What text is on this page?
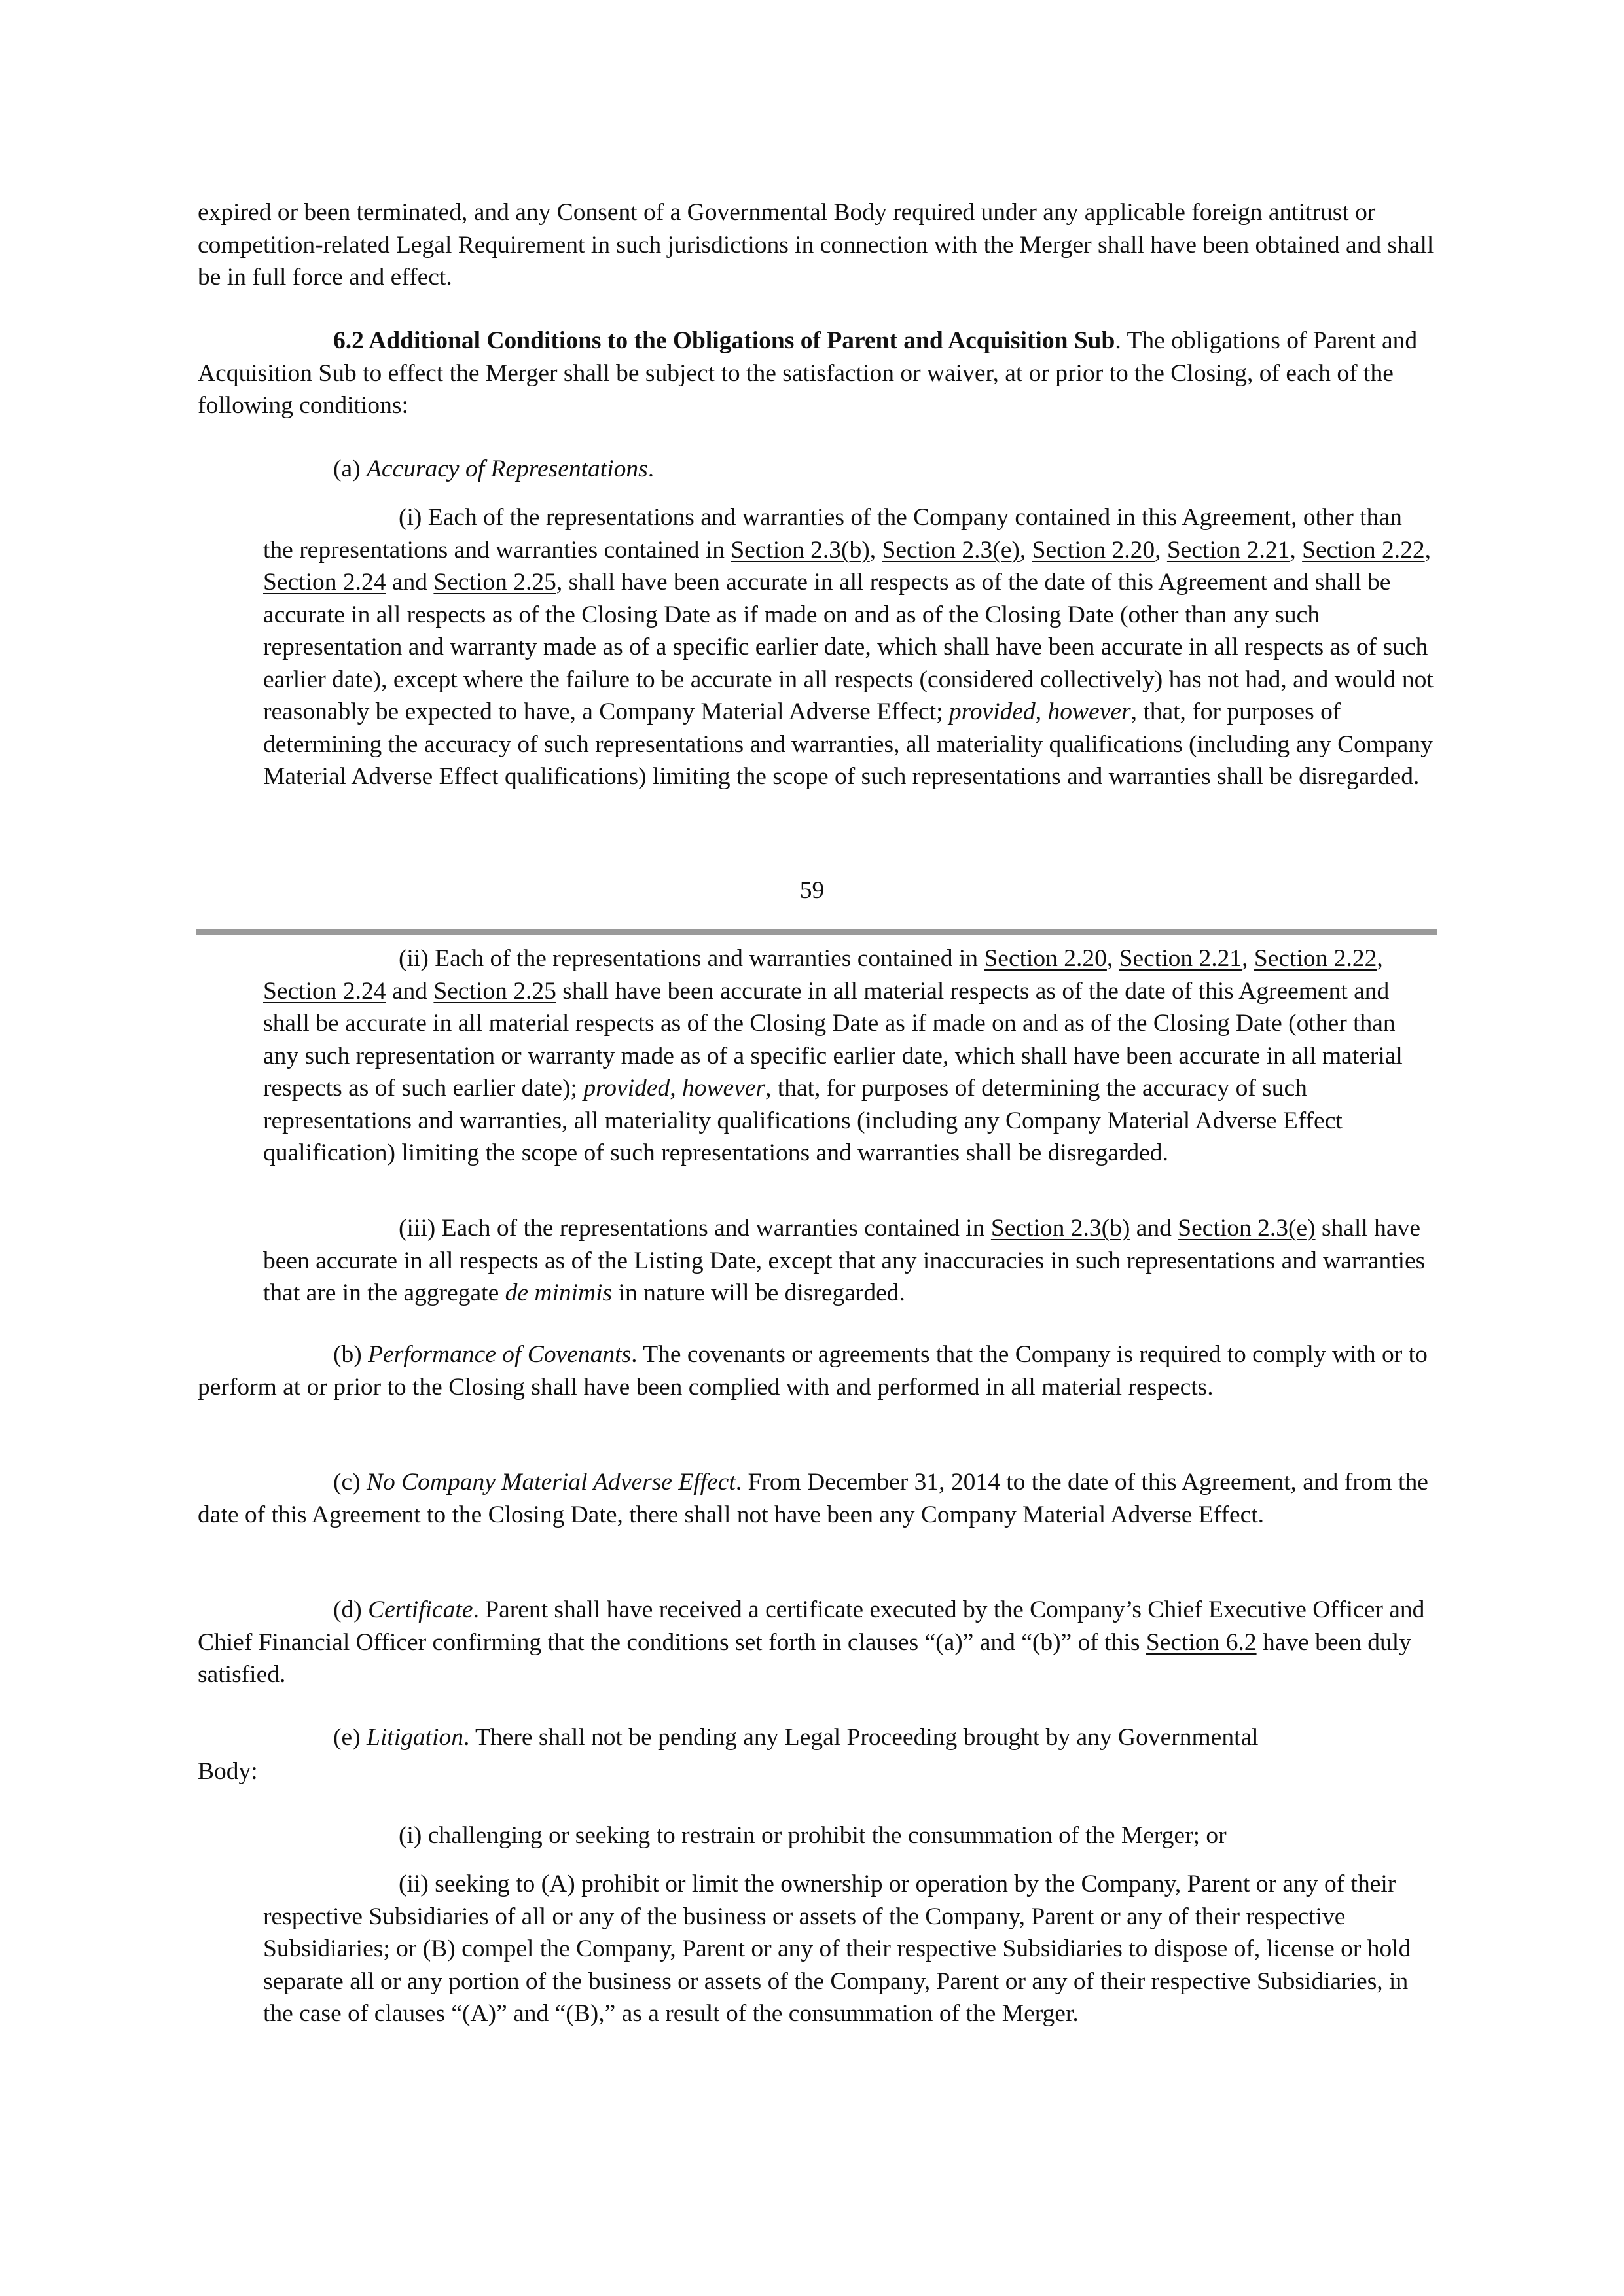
expired or been terminated, and any Consent of a Governmental Body required under any applicable foreign antitrust or competition-related Legal Requirement in such jurisdictions in connection with the Merger shall have been obtained and shall be in full force and effect.

6.2 Additional Conditions to the Obligations of Parent and Acquisition Sub. The obligations of Parent and Acquisition Sub to effect the Merger shall be subject to the satisfaction or waiver, at or prior to the Closing, of each of the following conditions:

(a) Accuracy of Representations.

(i) Each of the representations and warranties of the Company contained in this Agreement, other than the representations and warranties contained in Section 2.3(b), Section 2.3(e), Section 2.20, Section 2.21, Section 2.22, Section 2.24 and Section 2.25, shall have been accurate in all respects as of the date of this Agreement and shall be accurate in all respects as of the Closing Date as if made on and as of the Closing Date (other than any such representation and warranty made as of a specific earlier date, which shall have been accurate in all respects as of such earlier date), except where the failure to be accurate in all respects (considered collectively) has not had, and would not reasonably be expected to have, a Company Material Adverse Effect; provided, however, that, for purposes of determining the accuracy of such representations and warranties, all materiality qualifications (including any Company Material Adverse Effect qualifications) limiting the scope of such representations and warranties shall be disregarded.

59

(ii) Each of the representations and warranties contained in Section 2.20, Section 2.21, Section 2.22, Section 2.24 and Section 2.25 shall have been accurate in all material respects as of the date of this Agreement and shall be accurate in all material respects as of the Closing Date as if made on and as of the Closing Date (other than any such representation or warranty made as of a specific earlier date, which shall have been accurate in all material respects as of such earlier date); provided, however, that, for purposes of determining the accuracy of such representations and warranties, all materiality qualifications (including any Company Material Adverse Effect qualification) limiting the scope of such representations and warranties shall be disregarded.

(iii) Each of the representations and warranties contained in Section 2.3(b) and Section 2.3(e) shall have been accurate in all respects as of the Listing Date, except that any inaccuracies in such representations and warranties that are in the aggregate de minimis in nature will be disregarded.

(b) Performance of Covenants. The covenants or agreements that the Company is required to comply with or to perform at or prior to the Closing shall have been complied with and performed in all material respects.

(c) No Company Material Adverse Effect. From December 31, 2014 to the date of this Agreement, and from the date of this Agreement to the Closing Date, there shall not have been any Company Material Adverse Effect.

(d) Certificate. Parent shall have received a certificate executed by the Company’s Chief Executive Officer and Chief Financial Officer confirming that the conditions set forth in clauses “(a)” and “(b)” of this Section 6.2 have been duly satisfied.

(e) Litigation. There shall not be pending any Legal Proceeding brought by any Governmental

Body:

(i) challenging or seeking to restrain or prohibit the consummation of the Merger; or

(ii) seeking to (A) prohibit or limit the ownership or operation by the Company, Parent or any of their respective Subsidiaries of all or any of the business or assets of the Company, Parent or any of their respective Subsidiaries; or (B) compel the Company, Parent or any of their respective Subsidiaries to dispose of, license or hold separate all or any portion of the business or assets of the Company, Parent or any of their respective Subsidiaries, in the case of clauses “(A)” and “(B),” as a result of the consummation of the Merger.
